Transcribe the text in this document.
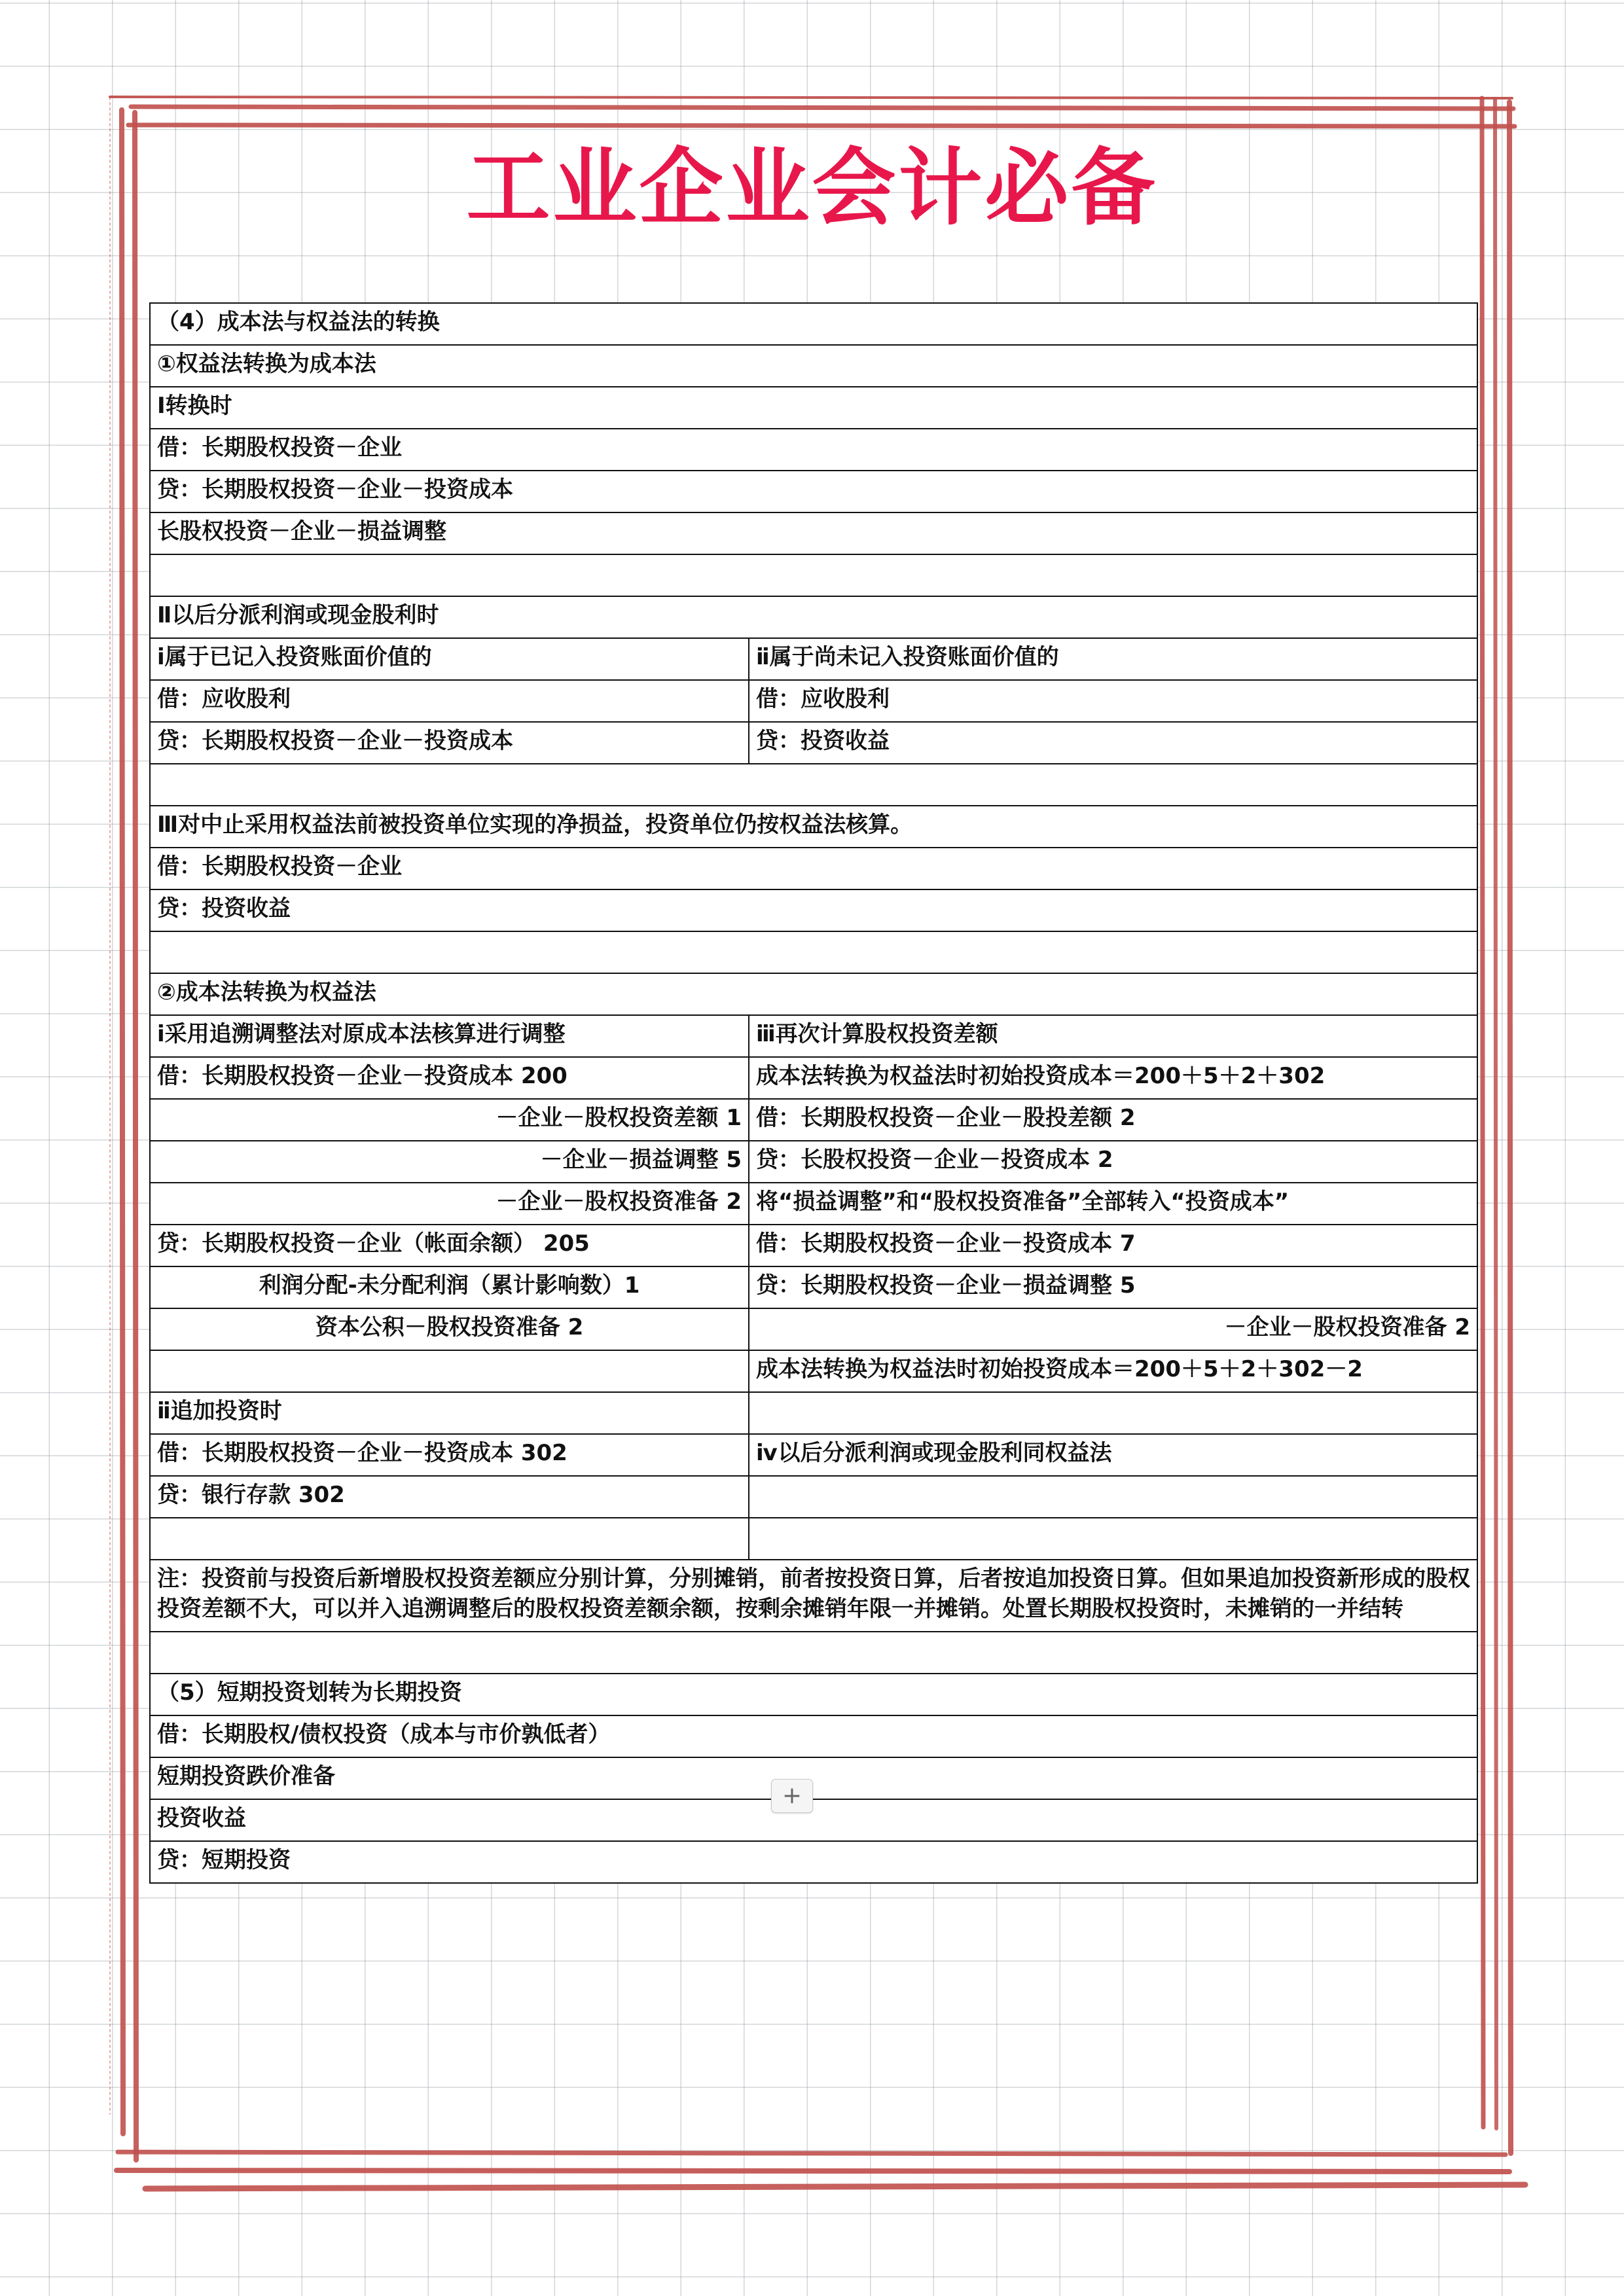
工业企业会计必备
（4）成本法与权益法的转换	
①权益法转换为成本法	
Ⅰ转换时	
借：长期股权投资－企业	
贷：长期股权投资－企业－投资成本	
长股权投资－企业－损益调整	

Ⅱ以后分派利润或现金股利时	
ⅰ属于已记入投资账面价值的	ⅱ属于尚未记入投资账面价值的
借：应收股利	借：应收股利
贷：长期股权投资－企业－投资成本	贷：投资收益

Ⅲ对中止采用权益法前被投资单位实现的净损益，投资单位仍按权益法核算。	
借：长期股权投资－企业	
贷：投资收益	

②成本法转换为权益法	
ⅰ采用追溯调整法对原成本法核算进行调整	ⅲ再次计算股权投资差额
借：长期股权投资－企业－投资成本 200	成本法转换为权益法时初始投资成本＝200＋5＋2＋302
－企业－股权投资差额 1	借：长期股权投资－企业－股投差额 2
－企业－损益调整 5	贷：长股权投资－企业－投资成本 2
－企业－股权投资准备 2	将“损益调整”和“股权投资准备”全部转入“投资成本”
贷：长期股权投资－企业（帐面余额） 205	借：长期股权投资－企业－投资成本 7
利润分配-未分配利润（累计影响数）1	贷：长期股权投资－企业－损益调整 5
资本公积－股权投资准备 2	－企业－股权投资准备 2
	成本法转换为权益法时初始投资成本＝200＋5＋2＋302－2
ⅱ追加投资时	
借：长期股权投资－企业－投资成本 302	ⅳ以后分派利润或现金股利同权益法
贷：银行存款 302	

注：投资前与投资后新增股权投资差额应分别计算，分别摊销，前者按投资日算，后者按追加投资日算。但如果追加投资新形成的股权投资差额不大，可以并入追溯调整后的股权投资差额余额，按剩余摊销年限一并摊销。处置长期股权投资时，未摊销的一并结转	

（5）短期投资划转为长期投资	
借：长期股权/债权投资（成本与市价孰低者）	
短期投资跌价准备	
投资收益	
贷：短期投资	
+
